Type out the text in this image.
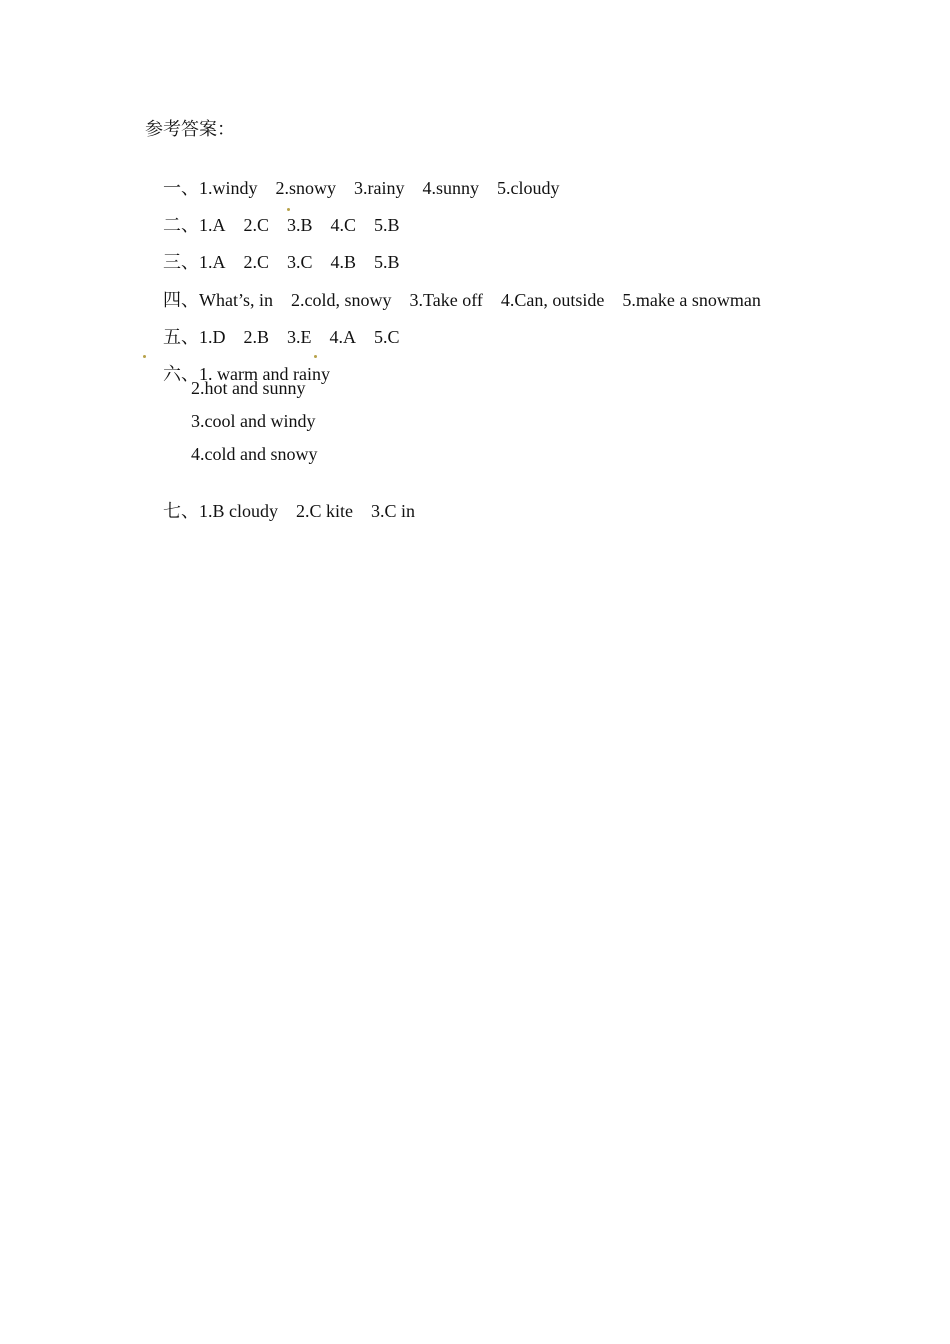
参考答案：

一、1.windy 2.snowy 3.rainy 4.sunny 5.cloudy

二、1.A 2.C 3.B 4.C 5.B

三、1.A 2.C 3.C 4.B 5.B

四、What’s, in 2.cold, snowy 3.Take off 4.Can, outside 5.make a snowman

五、1.D 2.B 3.E 4.A 5.C

六、1. warm and rainy

2.hot and sunny
3.cool and windy
4.cold and snowy

七、1.B cloudy 2.C kite 3.C in
